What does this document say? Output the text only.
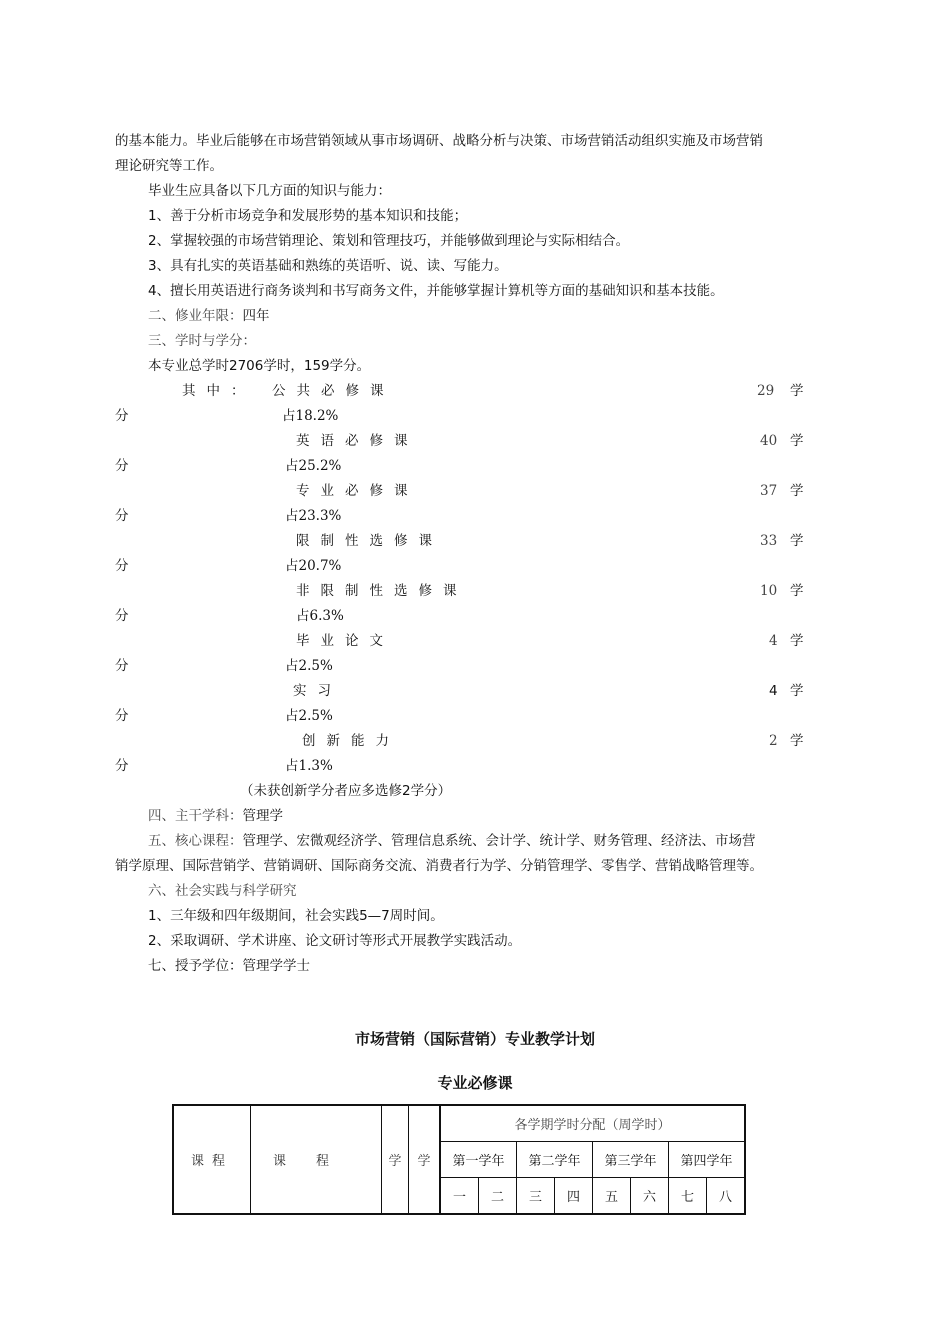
的基本能力。毕业后能够在市场营销领域从事市场调研、战略分析与决策、市场营销活动组织实施及市场营销
理论研究等工作。
毕业生应具备以下几方面的知识与能力：
1、善于分析市场竞争和发展形势的基本知识和技能；
2、掌握较强的市场营销理论、策划和管理技巧，并能够做到理论与实际相结合。
3、具有扎实的英语基础和熟练的英语听、说、读、写能力。
4、擅长用英语进行商务谈判和书写商务文件，并能够掌握计算机等方面的基础知识和基本技能。
二、修业年限：四年
三、学时与学分：
本专业总学时2706学时，159学分。
其中： 公共必修课	29 学
分	占18.2%
英语必修课	40 学
分	占25.2%
专业必修课	37 学
分	占23.3%
限制性选修课	33 学
分	占20.7%
非限制性选修课	10 学
分	占6.3%
毕业论文	4 学
分	占2.5%
实习	4 学
分	占2.5%
创新能力	2 学
分	占1.3%
（未获创新学分者应多选修2学分）
四、主干学科：管理学
五、核心课程：管理学、宏微观经济学、管理信息系统、会计学、统计学、财务管理、经济法、市场营
销学原理、国际营销学、营销调研、国际商务交流、消费者行为学、分销管理学、零售学、营销战略管理等。
六、社会实践与科学研究
1、三年级和四年级期间，社会实践5—7周时间。
2、采取调研、学术讲座、论文研讨等形式开展教学实践活动。
七、授予学位：管理学学士
市场营销（国际营销）专业教学计划
专业必修课
课程	课程	学	学	各学期学时分配（周学时）							
				第一学年		第二学年		第三学年		第四学年	
				一	二	三	四	五	六	七	八
